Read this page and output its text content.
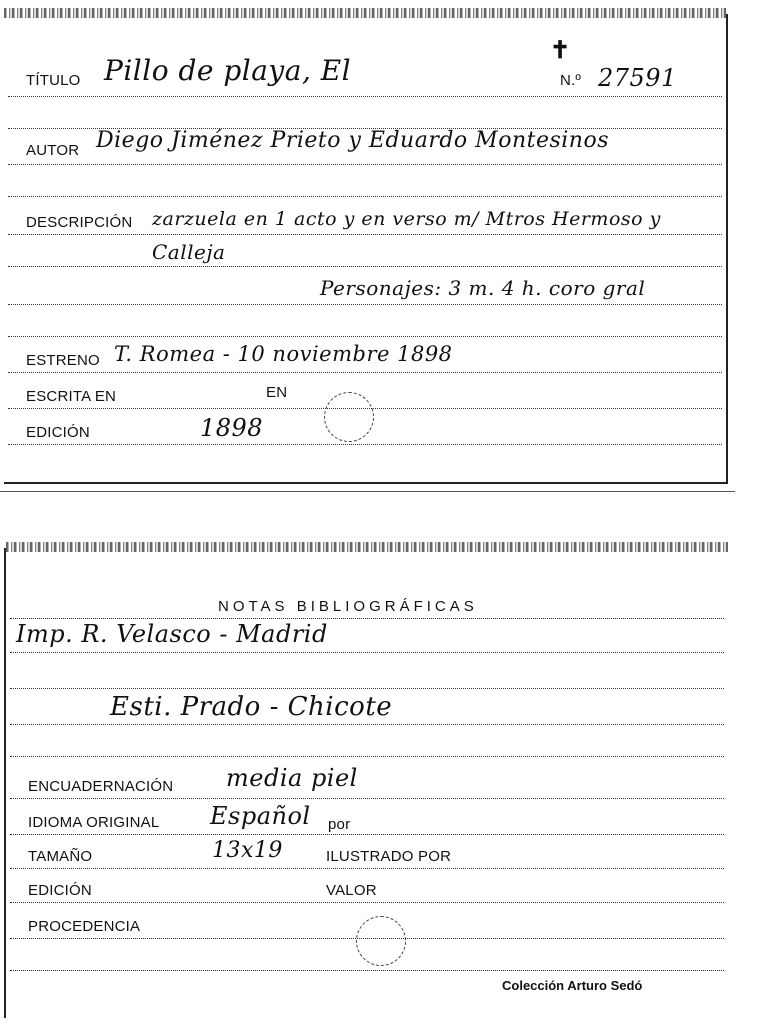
✝
TÍTULO Pillo de playa, El	N.º 27591
AUTOR Diego Jiménez Prieto y Eduardo Montesinos
DESCRIPCIÓN zarzuela en 1 acto y en verso m/ Mtros Hermoso y
Calleja
Personajes: 3 m. 4 h. coro gral
ESTRENO T. Romea - 10 noviembre 1898
ESCRITA EN	EN
EDICIÓN	1898
NOTAS BIBLIOGRÁFICAS
Imp. R. Velasco - Madrid
Esti. Prado - Chicote
ENCUADERNACIÓN media piel
IDIOMA ORIGINAL Español por
TAMAÑO	13x19	ILUSTRADO POR
EDICIÓN	VALOR
PROCEDENCIA
Colección Arturo Sedó
